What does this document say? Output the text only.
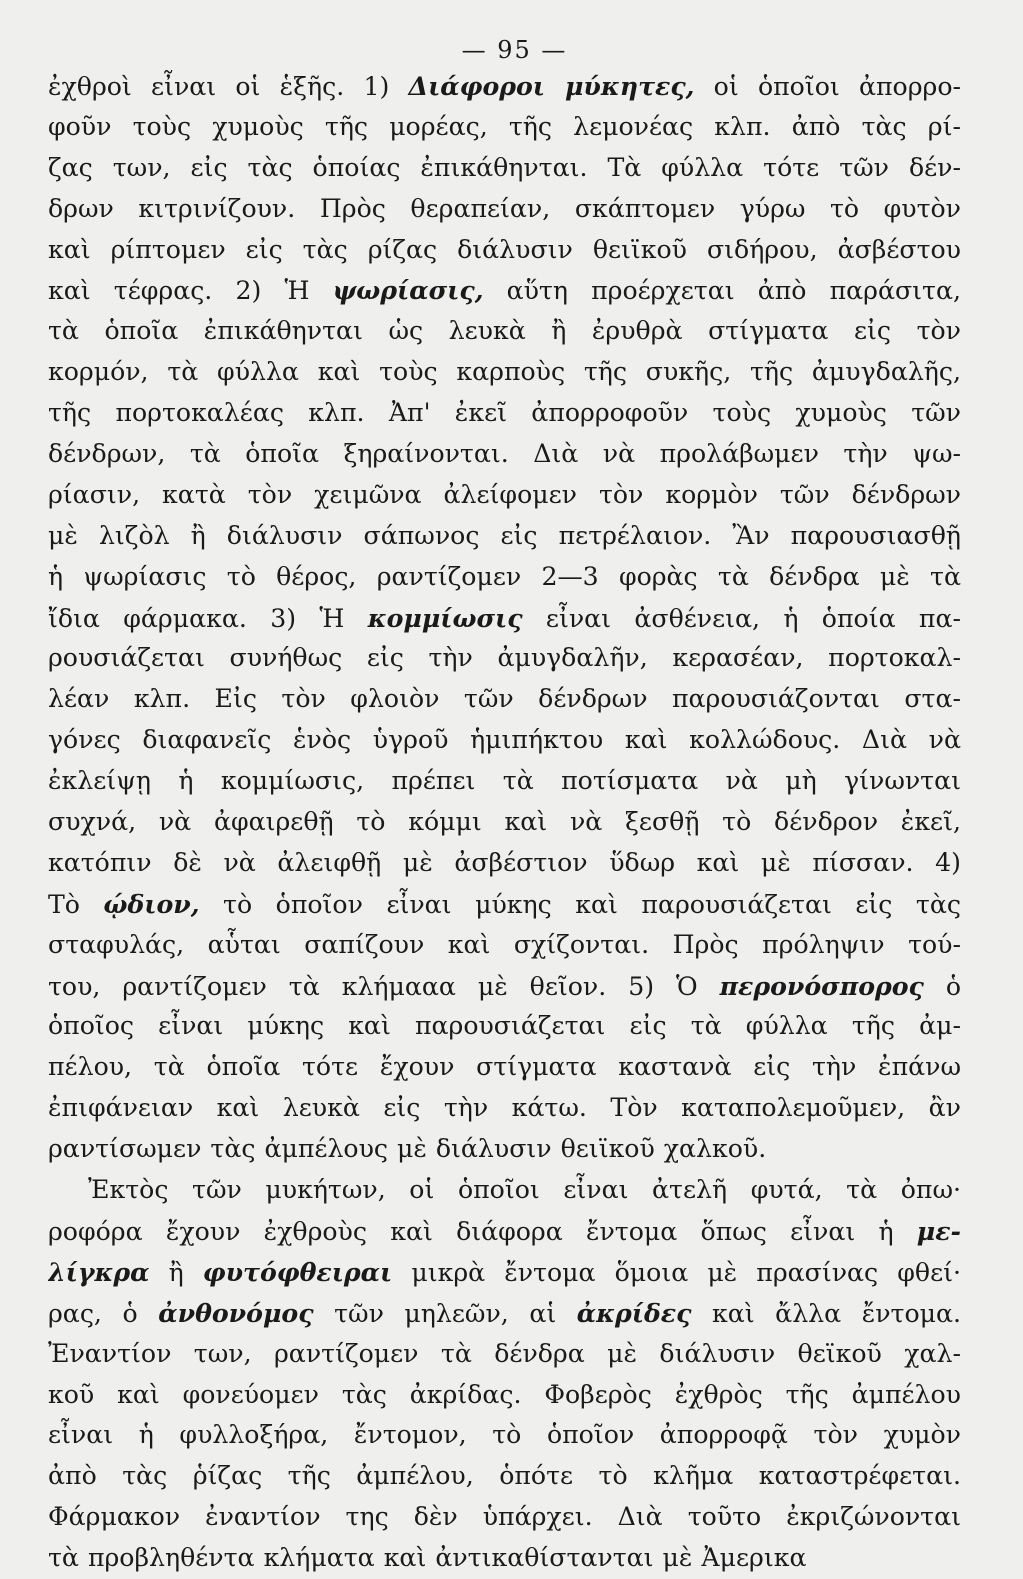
— 95 —
ἐχθροὶ εἶναι οἱ ἑξῆς. 1) Διάφοροι μύκητες, οἱ ὁποῖοι ἀπορρο-
φοῦν τοὺς χυμοὺς τῆς μορέας, τῆς λεμονέας κλπ. ἀπὸ τὰς ρί-
ζας των, εἰς τὰς ὁποίας ἐπικάθηνται. Τὰ φύλλα τότε τῶν δέν-
δρων κιτρινίζουν. Πρὸς θεραπείαν, σκάπτομεν γύρω τὸ φυτὸν
καὶ ρίπτομεν εἰς τὰς ρίζας διάλυσιν θειϊκοῦ σιδήρου, ἀσβέστου
καὶ τέφρας. 2) Ἡ ψωρίασις, αὕτη προέρχεται ἀπὸ παράσιτα,
τὰ ὁποῖα ἐπικάθηνται ὡς λευκὰ ἢ ἐρυθρὰ στίγματα εἰς τὸν
κορμόν, τὰ φύλλα καὶ τοὺς καρποὺς τῆς συκῆς, τῆς ἀμυγδαλῆς,
τῆς πορτοκαλέας κλπ. Ἀπ' ἐκεῖ ἀπορροφοῦν τοὺς χυμοὺς τῶν
δένδρων, τὰ ὁποῖα ξηραίνονται. Διὰ νὰ προλάβωμεν τὴν ψω-
ρίασιν, κατὰ τὸν χειμῶνα ἀλείφομεν τὸν κορμὸν τῶν δένδρων
μὲ λιζὸλ ἢ διάλυσιν σάπωνος εἰς πετρέλαιον. Ἂν παρουσιασθῇ
ἡ ψωρίασις τὸ θέρος, ραντίζομεν 2—3 φορὰς τὰ δένδρα μὲ τὰ
ἴδια φάρμακα. 3) Ἡ κομμίωσις εἶναι ἀσθένεια, ἡ ὁποία πα-
ρουσιάζεται συνήθως εἰς τὴν ἀμυγδαλῆν, κερασέαν, πορτοκαλ-
λέαν κλπ. Εἰς τὸν φλοιὸν τῶν δένδρων παρουσιάζονται στα-
γόνες διαφανεῖς ἑνὸς ὑγροῦ ἡμιπήκτου καὶ κολλώδους. Διὰ νὰ
ἐκλείψῃ ἡ κομμίωσις, πρέπει τὰ ποτίσματα νὰ μὴ γίνωνται
συχνά, νὰ ἀφαιρεθῇ τὸ κόμμι καὶ νὰ ξεσθῇ τὸ δένδρον ἐκεῖ,
κατόπιν δὲ νὰ ἀλειφθῇ μὲ ἀσβέστιον ὕδωρ καὶ μὲ πίσσαν. 4)
Τὸ ῴδιον, τὸ ὁποῖον εἶναι μύκης καὶ παρουσιάζεται εἰς τὰς
σταφυλάς, αὗται σαπίζουν καὶ σχίζονται. Πρὸς πρόληψιν τού-
του, ραντίζομεν τὰ κλήμααα μὲ θεῖον. 5) Ὁ περονόσπορος ὁ
ὁποῖος εἶναι μύκης καὶ παρουσιάζεται εἰς τὰ φύλλα τῆς ἀμ-
πέλου, τὰ ὁποῖα τότε ἔχουν στίγματα καστανὰ εἰς τὴν ἐπάνω
ἐπιφάνειαν καὶ λευκὰ εἰς τὴν κάτω. Τὸν καταπολεμοῦμεν, ἂν
ραντίσωμεν τὰς ἀμπέλους μὲ διάλυσιν θειϊκοῦ χαλκοῦ.
Ἐκτὸς τῶν μυκήτων, οἱ ὁποῖοι εἶναι ἀτελῆ φυτά, τὰ ὀπω·
ροφόρα ἔχουν ἐχθροὺς καὶ διάφορα ἔντομα ὅπως εἶναι ἡ με-
λίγκρα ἢ φυτόφθειραι μικρὰ ἔντομα ὅμοια μὲ πρασίνας φθεί·
ρας, ὁ ἀνθονόμος τῶν μηλεῶν, αἱ ἀκρίδες καὶ ἄλλα ἔντομα.
Ἐναντίον των, ραντίζομεν τὰ δένδρα μὲ διάλυσιν θεϊκοῦ χαλ-
κοῦ καὶ φονεύομεν τὰς ἀκρίδας. Φοβερὸς ἐχθρὸς τῆς ἀμπέλου
εἶναι ἡ φυλλοξήρα, ἔντομον, τὸ ὁποῖον ἀπορροφᾷ τὸν χυμὸν
ἀπὸ τὰς ῥίζας τῆς ἀμπέλου, ὁπότε τὸ κλῆμα καταστρέφεται.
Φάρμακον ἐναντίον της δὲν ὑπάρχει. Διὰ τοῦτο ἐκριζώνονται
τὰ προβληθέντα κλήματα καὶ ἀντικαθίστανται μὲ Ἀμερικα
